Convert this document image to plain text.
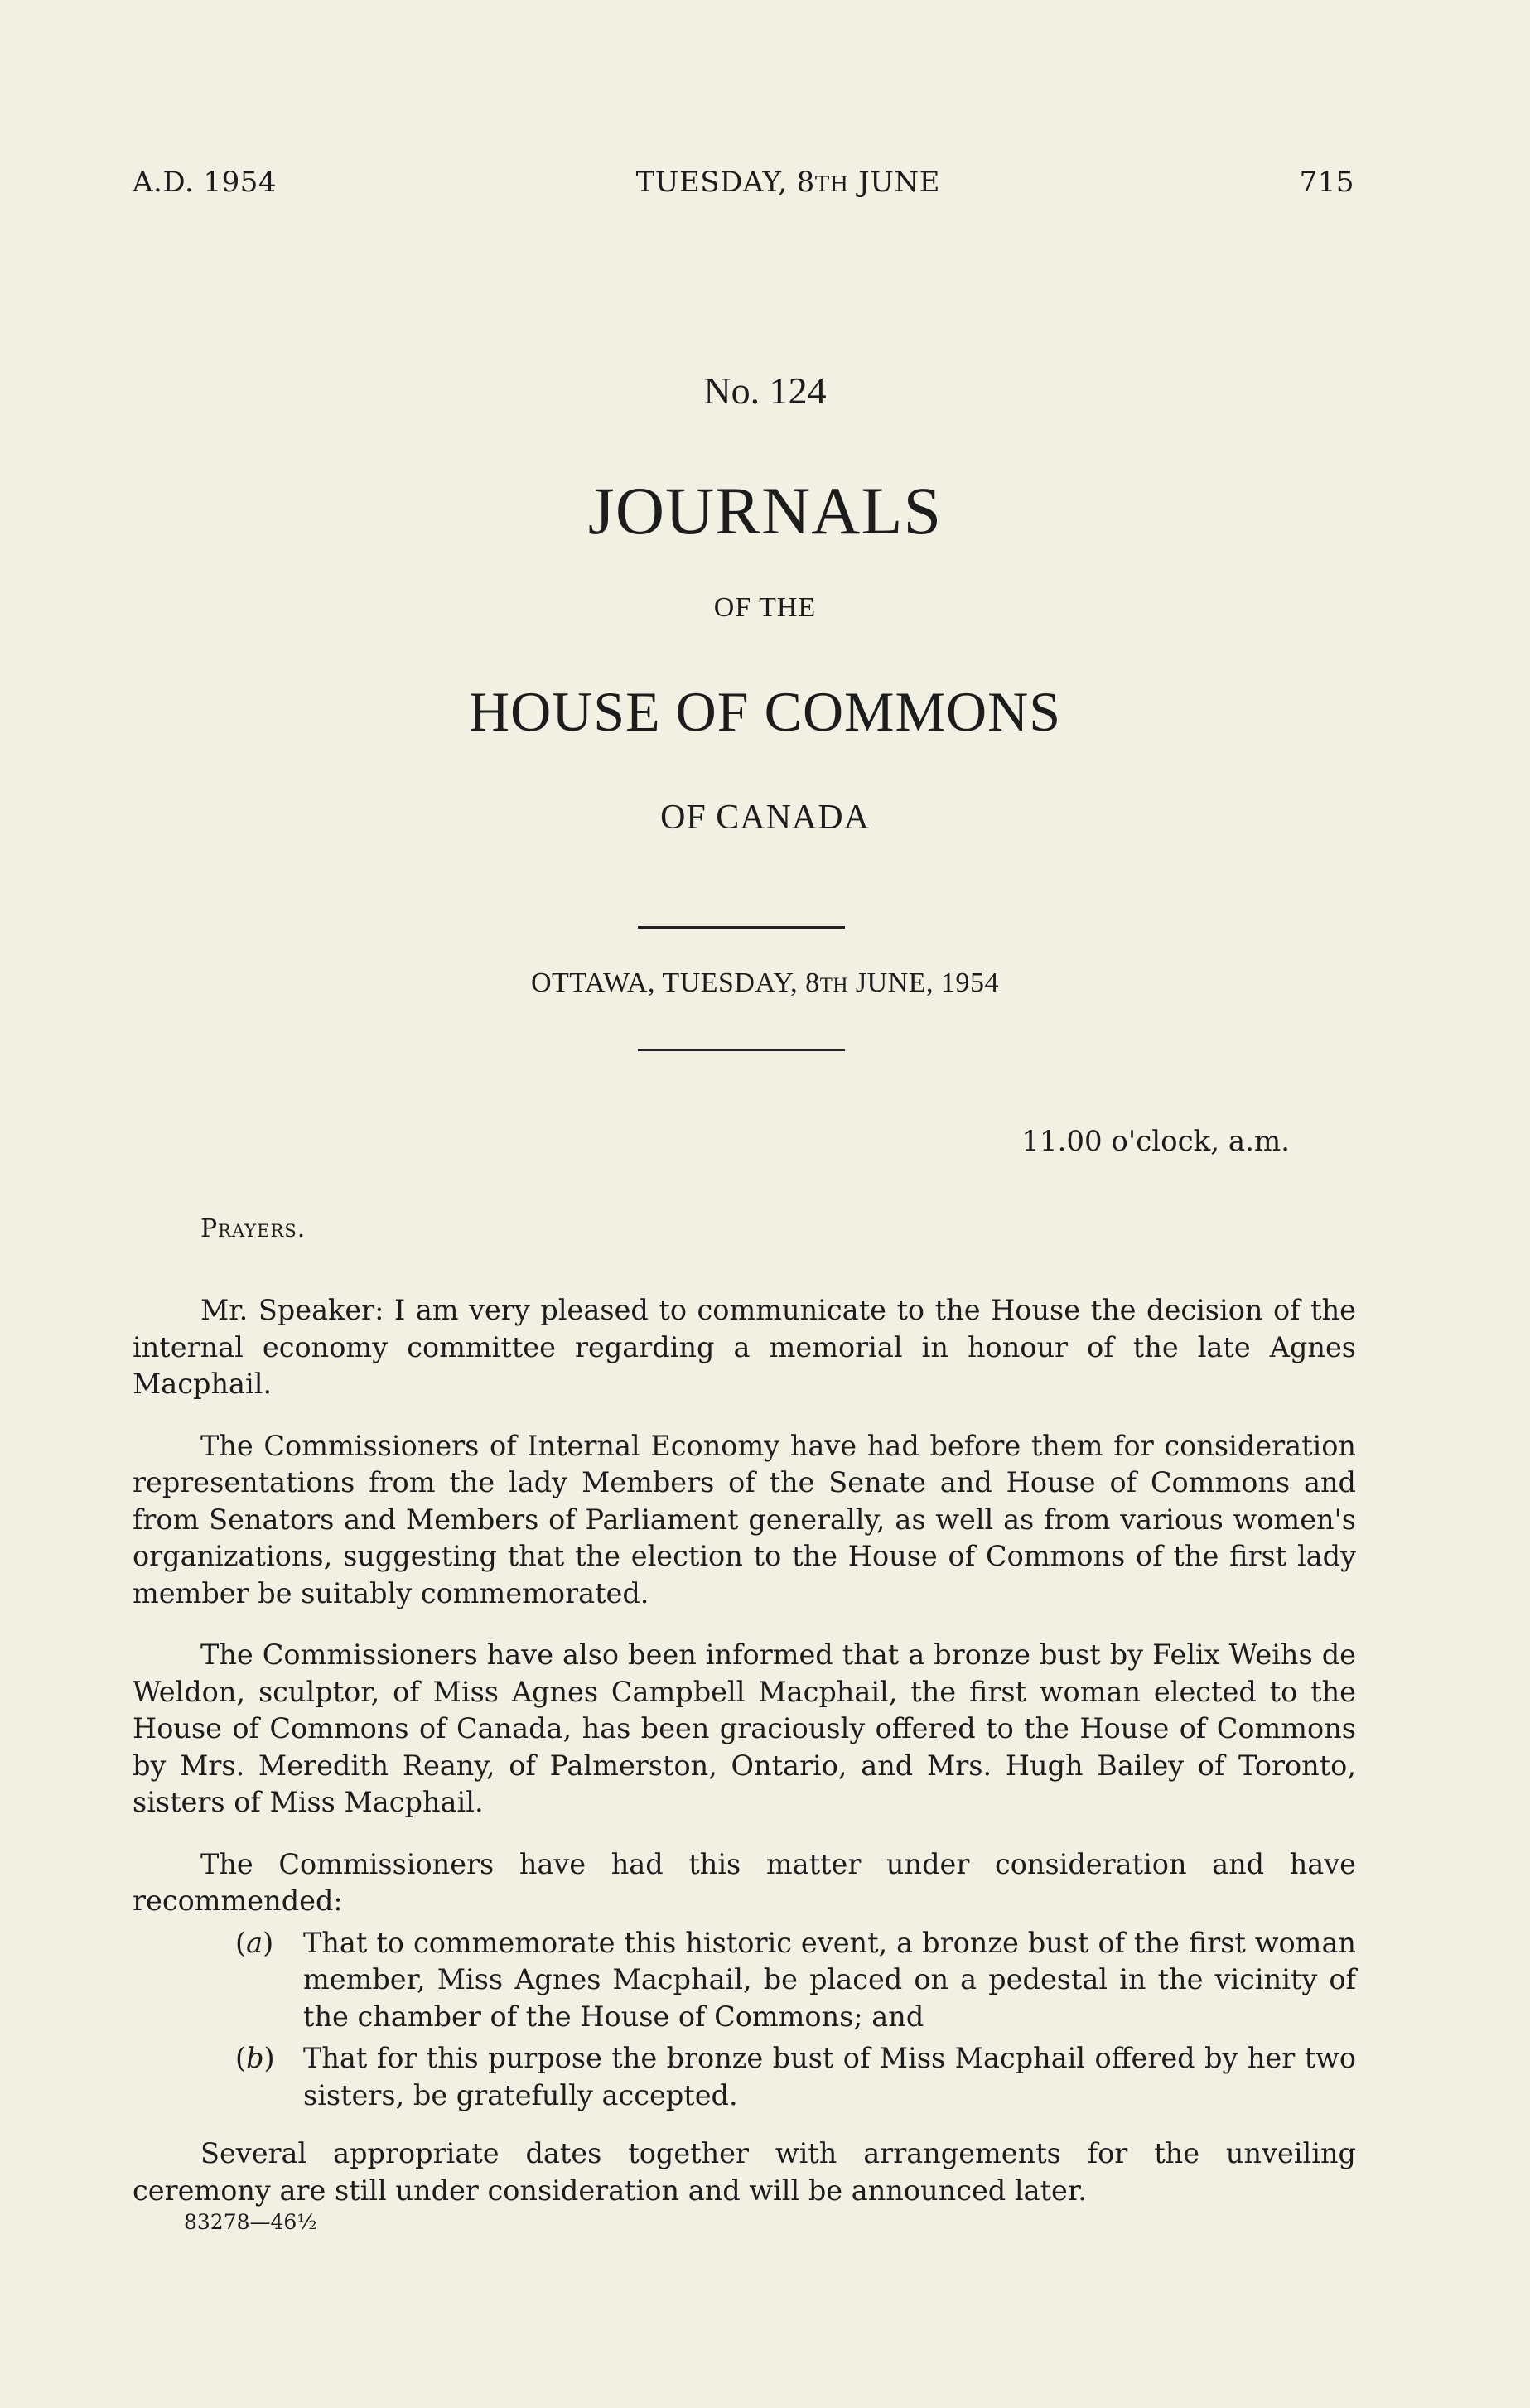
A.D. 1954	TUESDAY, 8TH JUNE	715
No. 124
JOURNALS
OF THE
HOUSE OF COMMONS
OF CANADA
OTTAWA, TUESDAY, 8TH JUNE, 1954
11.00 o'clock, a.m.
Prayers.

Mr. Speaker: I am very pleased to communicate to the House the decision of the internal economy committee regarding a memorial in honour of the late Agnes Macphail.

The Commissioners of Internal Economy have had before them for consideration representations from the lady Members of the Senate and House of Commons and from Senators and Members of Parliament generally, as well as from various women's organizations, suggesting that the election to the House of Commons of the first lady member be suitably commemorated.

The Commissioners have also been informed that a bronze bust by Felix Weihs de Weldon, sculptor, of Miss Agnes Campbell Macphail, the first woman elected to the House of Commons of Canada, has been graciously offered to the House of Commons by Mrs. Meredith Reany, of Palmerston, Ontario, and Mrs. Hugh Bailey of Toronto, sisters of Miss Macphail.

The Commissioners have had this matter under consideration and have recommended:

(a)	That to commemorate this historic event, a bronze bust of the first woman member, Miss Agnes Macphail, be placed on a pedestal in the vicinity of the chamber of the House of Commons; and
(b)	That for this purpose the bronze bust of Miss Macphail offered by her two sisters, be gratefully accepted.

Several appropriate dates together with arrangements for the unveiling ceremony are still under consideration and will be announced later.

83278—46½
